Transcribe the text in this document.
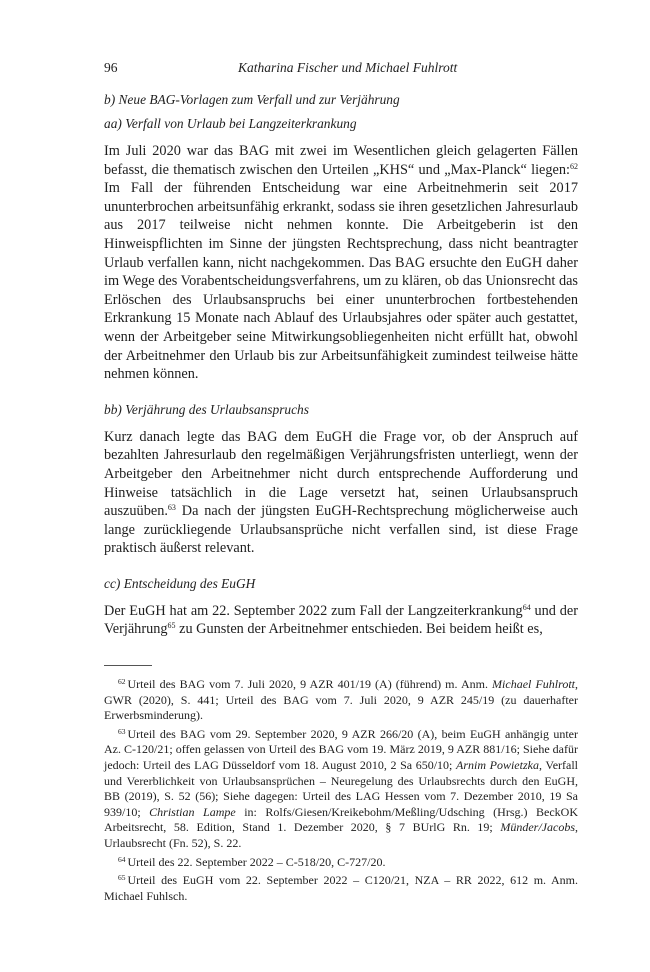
96	Katharina Fischer und Michael Fuhlrott
b) Neue BAG-Vorlagen zum Verfall und zur Verjährung
aa) Verfall von Urlaub bei Langzeiterkrankung

Im Juli 2020 war das BAG mit zwei im Wesentlichen gleich gelagerten Fällen befasst, die thematisch zwischen den Urteilen „KHS“ und „Max-Planck“ liegen:$^{62}$ Im Fall der führenden Entscheidung war eine Arbeitnehmerin seit 2017 ununterbrochen arbeitsunfähig erkrankt, sodass sie ihren gesetzlichen Jahresurlaub aus 2017 teilweise nicht nehmen konnte. Die Arbeitgeberin ist den Hinweispflichten im Sinne der jüngsten Rechtsprechung, dass nicht beantragter Urlaub verfallen kann, nicht nachgekommen. Das BAG ersuchte den EuGH daher im Wege des Vorabentscheidungsverfahrens, um zu klären, ob das Unionsrecht das Erlöschen des Urlaubsanspruchs bei einer ununterbrochen fortbestehenden Erkrankung 15 Monate nach Ablauf des Urlaubsjahres oder später auch gestattet, wenn der Arbeitgeber seine Mitwirkungsobliegenheiten nicht erfüllt hat, obwohl der Arbeitnehmer den Urlaub bis zur Arbeitsunfähigkeit zumindest teilweise hätte nehmen können.

bb) Verjährung des Urlaubsanspruchs

Kurz danach legte das BAG dem EuGH die Frage vor, ob der Anspruch auf bezahlten Jahresurlaub den regelmäßigen Verjährungsfristen unterliegt, wenn der Arbeitgeber den Arbeitnehmer nicht durch entsprechende Aufforderung und Hinweise tatsächlich in die Lage versetzt hat, seinen Urlaubsanspruch auszuüben.$^{63}$ Da nach der jüngsten EuGH-Rechtsprechung möglicherweise auch lange zurückliegende Urlaubsansprüche nicht verfallen sind, ist diese Frage praktisch äußerst relevant.

cc) Entscheidung des EuGH

Der EuGH hat am 22. September 2022 zum Fall der Langzeiterkrankung$^{64}$ und der Verjährung$^{65}$ zu Gunsten der Arbeitnehmer entschieden. Bei beidem heißt es,

$^{62}$ Urteil des BAG vom 7. Juli 2020, 9 AZR 401/19 (A) (führend) m. Anm. Michael Fuhlrott, GWR (2020), S. 441; Urteil des BAG vom 7. Juli 2020, 9 AZR 245/19 (zu dauerhafter Erwerbsminderung).

$^{63}$ Urteil des BAG vom 29. September 2020, 9 AZR 266/20 (A), beim EuGH anhängig unter Az. C-120/21; offen gelassen von Urteil des BAG vom 19. März 2019, 9 AZR 881/16; Siehe dafür jedoch: Urteil des LAG Düsseldorf vom 18. August 2010, 2 Sa 650/10; Arnim Powietzka, Verfall und Vererblichkeit von Urlaubsansprüchen – Neuregelung des Urlaubsrechts durch den EuGH, BB (2019), S. 52 (56); Siehe dagegen: Urteil des LAG Hessen vom 7. Dezember 2010, 19 Sa 939/10; Christian Lampe in: Rolfs/Giesen/Kreikebohm/Meßling/Udsching (Hrsg.) BeckOK Arbeitsrecht, 58. Edition, Stand 1. Dezember 2020, § 7 BUrlG Rn. 19; Münder/Jacobs, Urlaubsrecht (Fn. 52), S. 22.

$^{64}$ Urteil des 22. September 2022 – C-518/20, C-727/20.

$^{65}$ Urteil des EuGH vom 22. September 2022 – C120/21, NZA – RR 2022, 612 m. Anm. Michael Fuhlsch.
